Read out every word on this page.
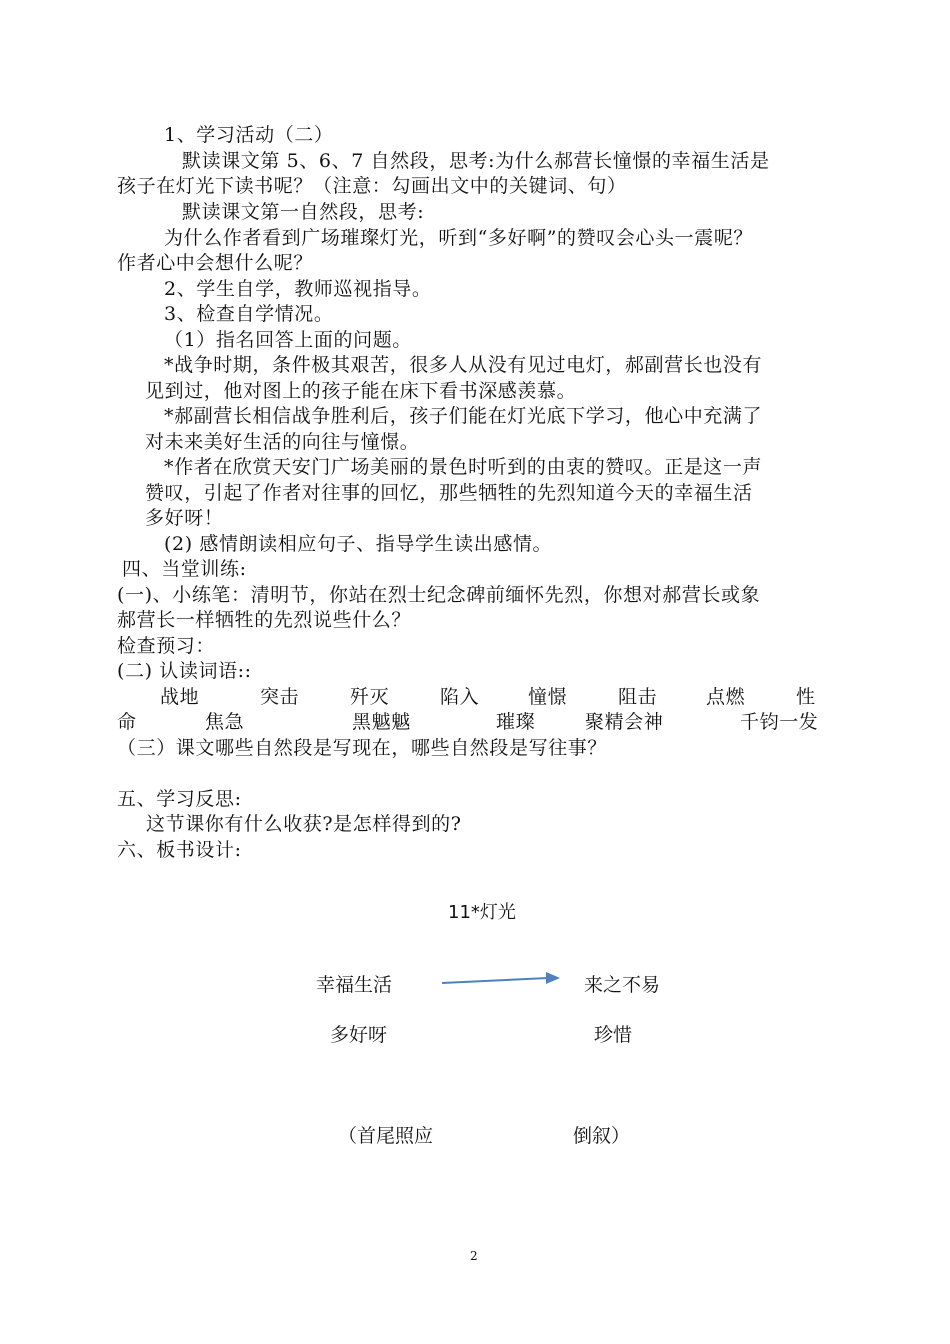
1、学习活动（二）
默读课文第 5、6、7 自然段，思考:为什么郝营长憧憬的幸福生活是
孩子在灯光下读书呢？（注意：勾画出文中的关键词、句）
默读课文第一自然段，思考:
为什么作者看到广场璀璨灯光，听到“多好啊”的赞叹会心头一震呢？
作者心中会想什么呢？
2、学生自学，教师巡视指导。
3、检查自学情况。
（1）指名回答上面的问题。
*战争时期，条件极其艰苦，很多人从没有见过电灯，郝副营长也没有
见到过，他对图上的孩子能在床下看书深感羡慕。
*郝副营长相信战争胜利后，孩子们能在灯光底下学习，他心中充满了
对未来美好生活的向往与憧憬。
*作者在欣赏天安门广场美丽的景色时听到的由衷的赞叹。正是这一声
赞叹，引起了作者对往事的回忆，那些牺牲的先烈知道今天的幸福生活
多好呀！
(2) 感情朗读相应句子、指导学生读出感情。
四、当堂训练:
(一)、小练笔：清明节，你站在烈士纪念碑前缅怀先烈，你想对郝营长或象
郝营长一样牺牲的先烈说些什么？
检查预习：
(二) 认读词语::
战地	突击	歼灭	陷入	憧憬	阻击	点燃	性
命	焦急	黑魆魆	璀璨	聚精会神	千钧一发
（三）课文哪些自然段是写现在，哪些自然段是写往事？
五、学习反思:
这节课你有什么收获?是怎样得到的?
六、板书设计:
11*灯光
幸福生活	来之不易
多好呀	珍惜
（首尾照应	倒叙）
2
